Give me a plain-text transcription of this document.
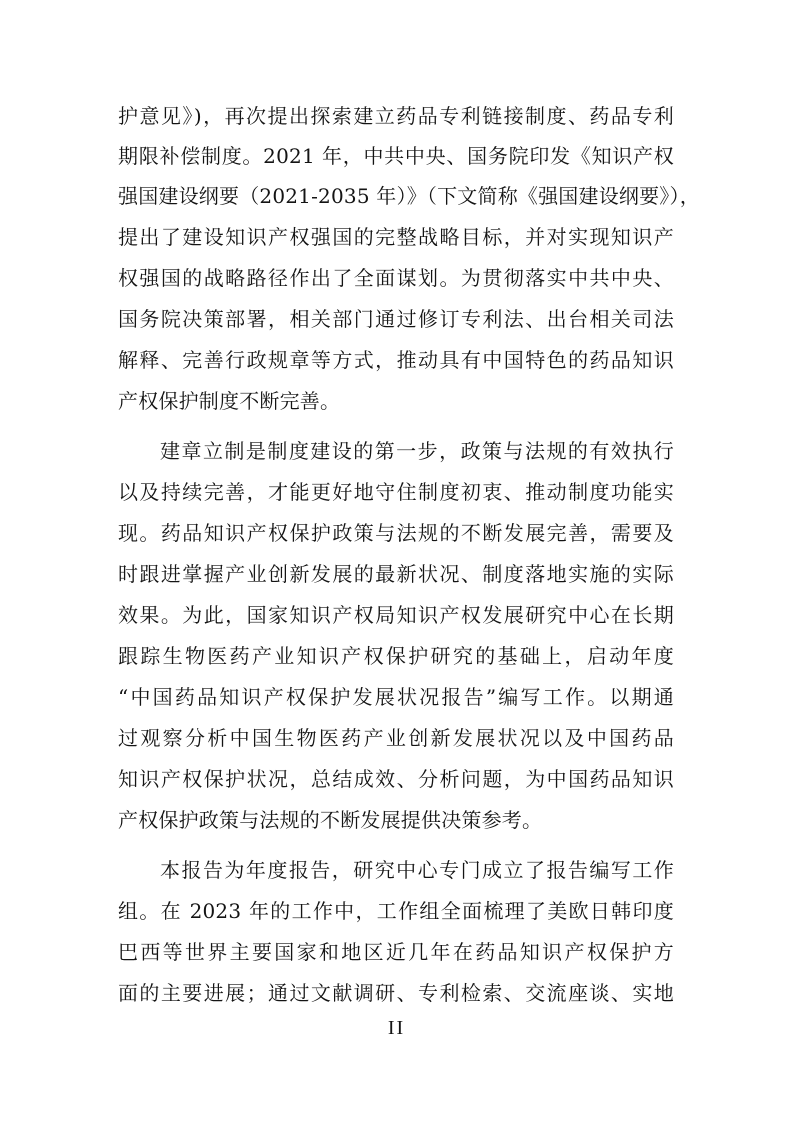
护意见》)，再次提出探索建立药品专利链接制度、药品专利
期限补偿制度。2021 年，中共中央、国务院印发《知识产权
强国建设纲要（2021-2035 年）》（下文简称《强国建设纲要》），
提出了建设知识产权强国的完整战略目标，并对实现知识产
权强国的战略路径作出了全面谋划。为贯彻落实中共中央、
国务院决策部署，相关部门通过修订专利法、出台相关司法
解释、完善行政规章等方式，推动具有中国特色的药品知识
产权保护制度不断完善。
建章立制是制度建设的第一步，政策与法规的有效执行
以及持续完善，才能更好地守住制度初衷、推动制度功能实
现。药品知识产权保护政策与法规的不断发展完善，需要及
时跟进掌握产业创新发展的最新状况、制度落地实施的实际
效果。为此，国家知识产权局知识产权发展研究中心在长期
跟踪生物医药产业知识产权保护研究的基础上，启动年度
“中国药品知识产权保护发展状况报告”编写工作。以期通
过观察分析中国生物医药产业创新发展状况以及中国药品
知识产权保护状况，总结成效、分析问题，为中国药品知识
产权保护政策与法规的不断发展提供决策参考。
本报告为年度报告，研究中心专门成立了报告编写工作
组。在 2023 年的工作中，工作组全面梳理了美欧日韩印度
巴西等世界主要国家和地区近几年在药品知识产权保护方
面的主要进展；通过文献调研、专利检索、交流座谈、实地
II
